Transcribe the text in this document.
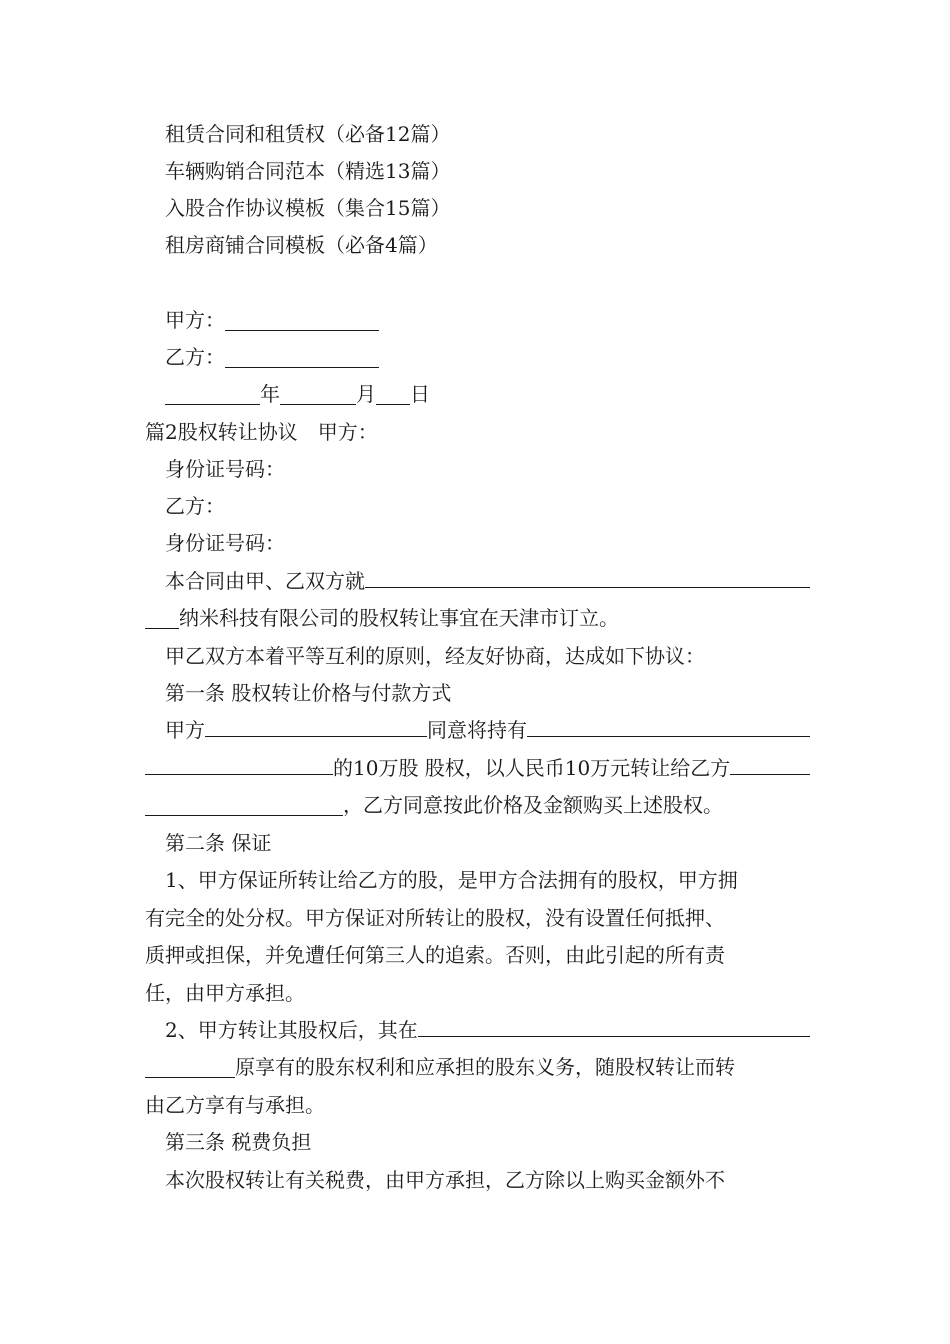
租赁合同和租赁权（必备12篇）
车辆购销合同范本（精选13篇）
入股合作协议模板（集合15篇）
租房商铺合同模板（必备4篇）
甲方：
乙方：
年	月 日
篇2股权转让协议　甲方：
身份证号码：
乙方：
身份证号码：
本合同由甲、乙双方就
纳米科技有限公司的股权转让事宜在天津市订立。
甲乙双方本着平等互利的原则，经友好协商，达成如下协议：
第一条 股权转让价格与付款方式
甲方	同意将持有
的10万股 股权，以人民币10万元转让给乙方
，乙方同意按此价格及金额购买上述股权。
第二条 保证
1、甲方保证所转让给乙方的股，是甲方合法拥有的股权，甲方拥
有完全的处分权。甲方保证对所转让的股权，没有设置任何抵押、
质押或担保，并免遭任何第三人的追索。否则，由此引起的所有责
任，由甲方承担。
2、甲方转让其股权后，其在
原享有的股东权利和应承担的股东义务，随股权转让而转
由乙方享有与承担。
第三条 税费负担
本次股权转让有关税费，由甲方承担，乙方除以上购买金额外不
